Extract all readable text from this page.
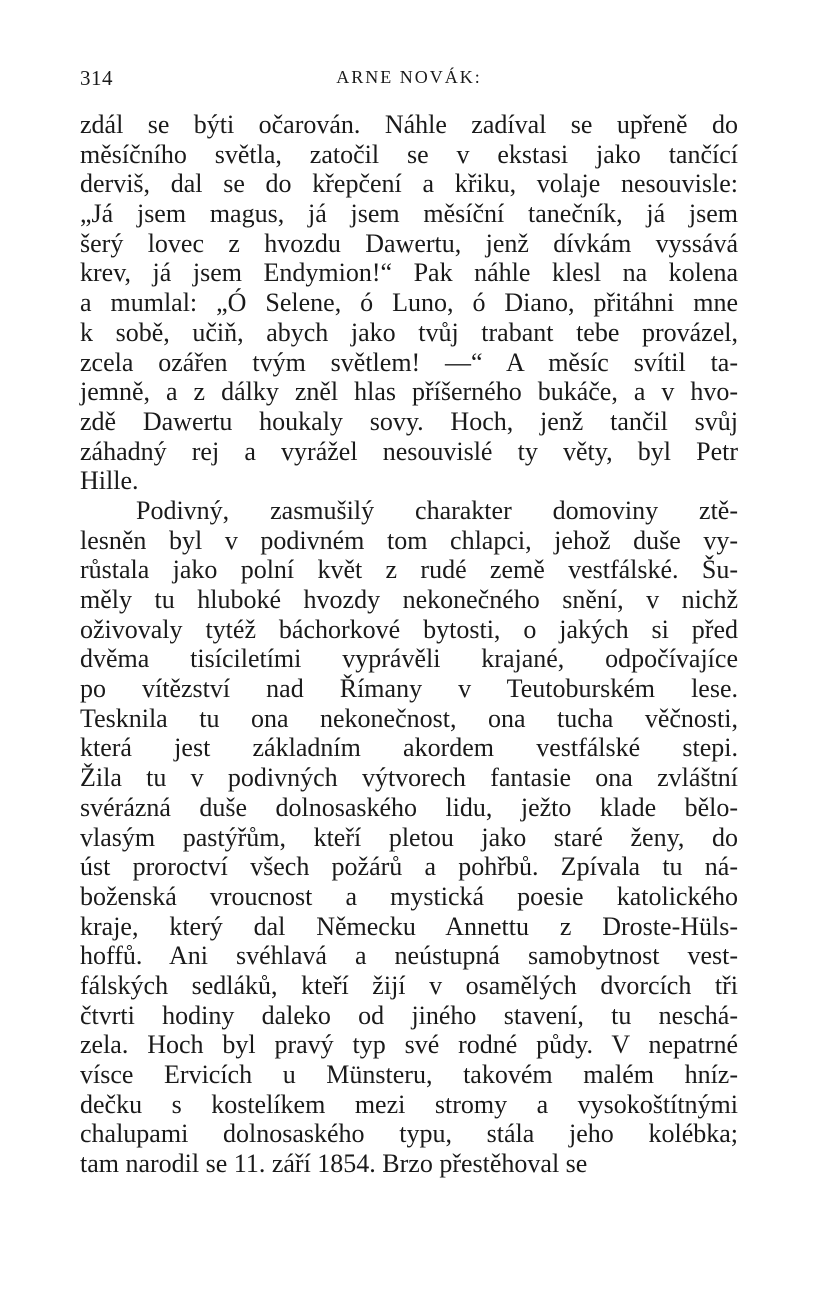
314	ARNE NOVÁK:
zdál se býti očarován. Náhle zadíval se upřeně do
měsíčního světla, zatočil se v ekstasi jako tančící
derviš, dal se do křepčení a křiku, volaje nesouvisle:
„Já jsem magus, já jsem měsíční tanečník, já jsem
šerý lovec z hvozdu Dawertu, jenž dívkám vyssává
krev, já jsem Endymion!“ Pak náhle klesl na kolena
a mumlal: „Ó Selene, ó Luno, ó Diano, přitáhni mne
k sobě, učiň, abych jako tvůj trabant tebe provázel,
zcela ozářen tvým světlem! —“ A měsíc svítil ta-
jemně, a z dálky zněl hlas příšerného bukáče, a v hvo-
zdě Dawertu houkaly sovy. Hoch, jenž tančil svůj
záhadný rej a vyrážel nesouvislé ty věty, byl Petr
Hille.
Podivný, zasmušilý charakter domoviny ztě-
lesněn byl v podivném tom chlapci, jehož duše vy-
růstala jako polní květ z rudé země vestfálské. Šu-
měly tu hluboké hvozdy nekonečného snění, v nichž
oživovaly tytéž báchorkové bytosti, o jakých si před
dvěma tisíciletími vyprávěli krajané, odpočívajíce
po vítězství nad Římany v Teutoburském lese.
Tesknila tu ona nekonečnost, ona tucha věčnosti,
která jest základním akordem vestfálské stepi.
Žila tu v podivných výtvorech fantasie ona zvláštní
svérázná duše dolnosaského lidu, ježto klade bělo-
vlasým pastýřům, kteří pletou jako staré ženy, do
úst proroctví všech požárů a pohřbů. Zpívala tu ná-
boženská vroucnost a mystická poesie katolického
kraje, který dal Německu Annettu z Droste-Hüls-
hoffů. Ani svéhlavá a neústupná samobytnost vest-
fálských sedláků, kteří žijí v osamělých dvorcích tři
čtvrti hodiny daleko od jiného stavení, tu neschá-
zela. Hoch byl pravý typ své rodné půdy. V nepatrné
vísce Ervicích u Münsteru, takovém malém hníz-
dečku s kostelíkem mezi stromy a vysokoštítnými
chalupami dolnosaského typu, stála jeho kolébka;
tam narodil se 11. září 1854. Brzo přestěhoval se
